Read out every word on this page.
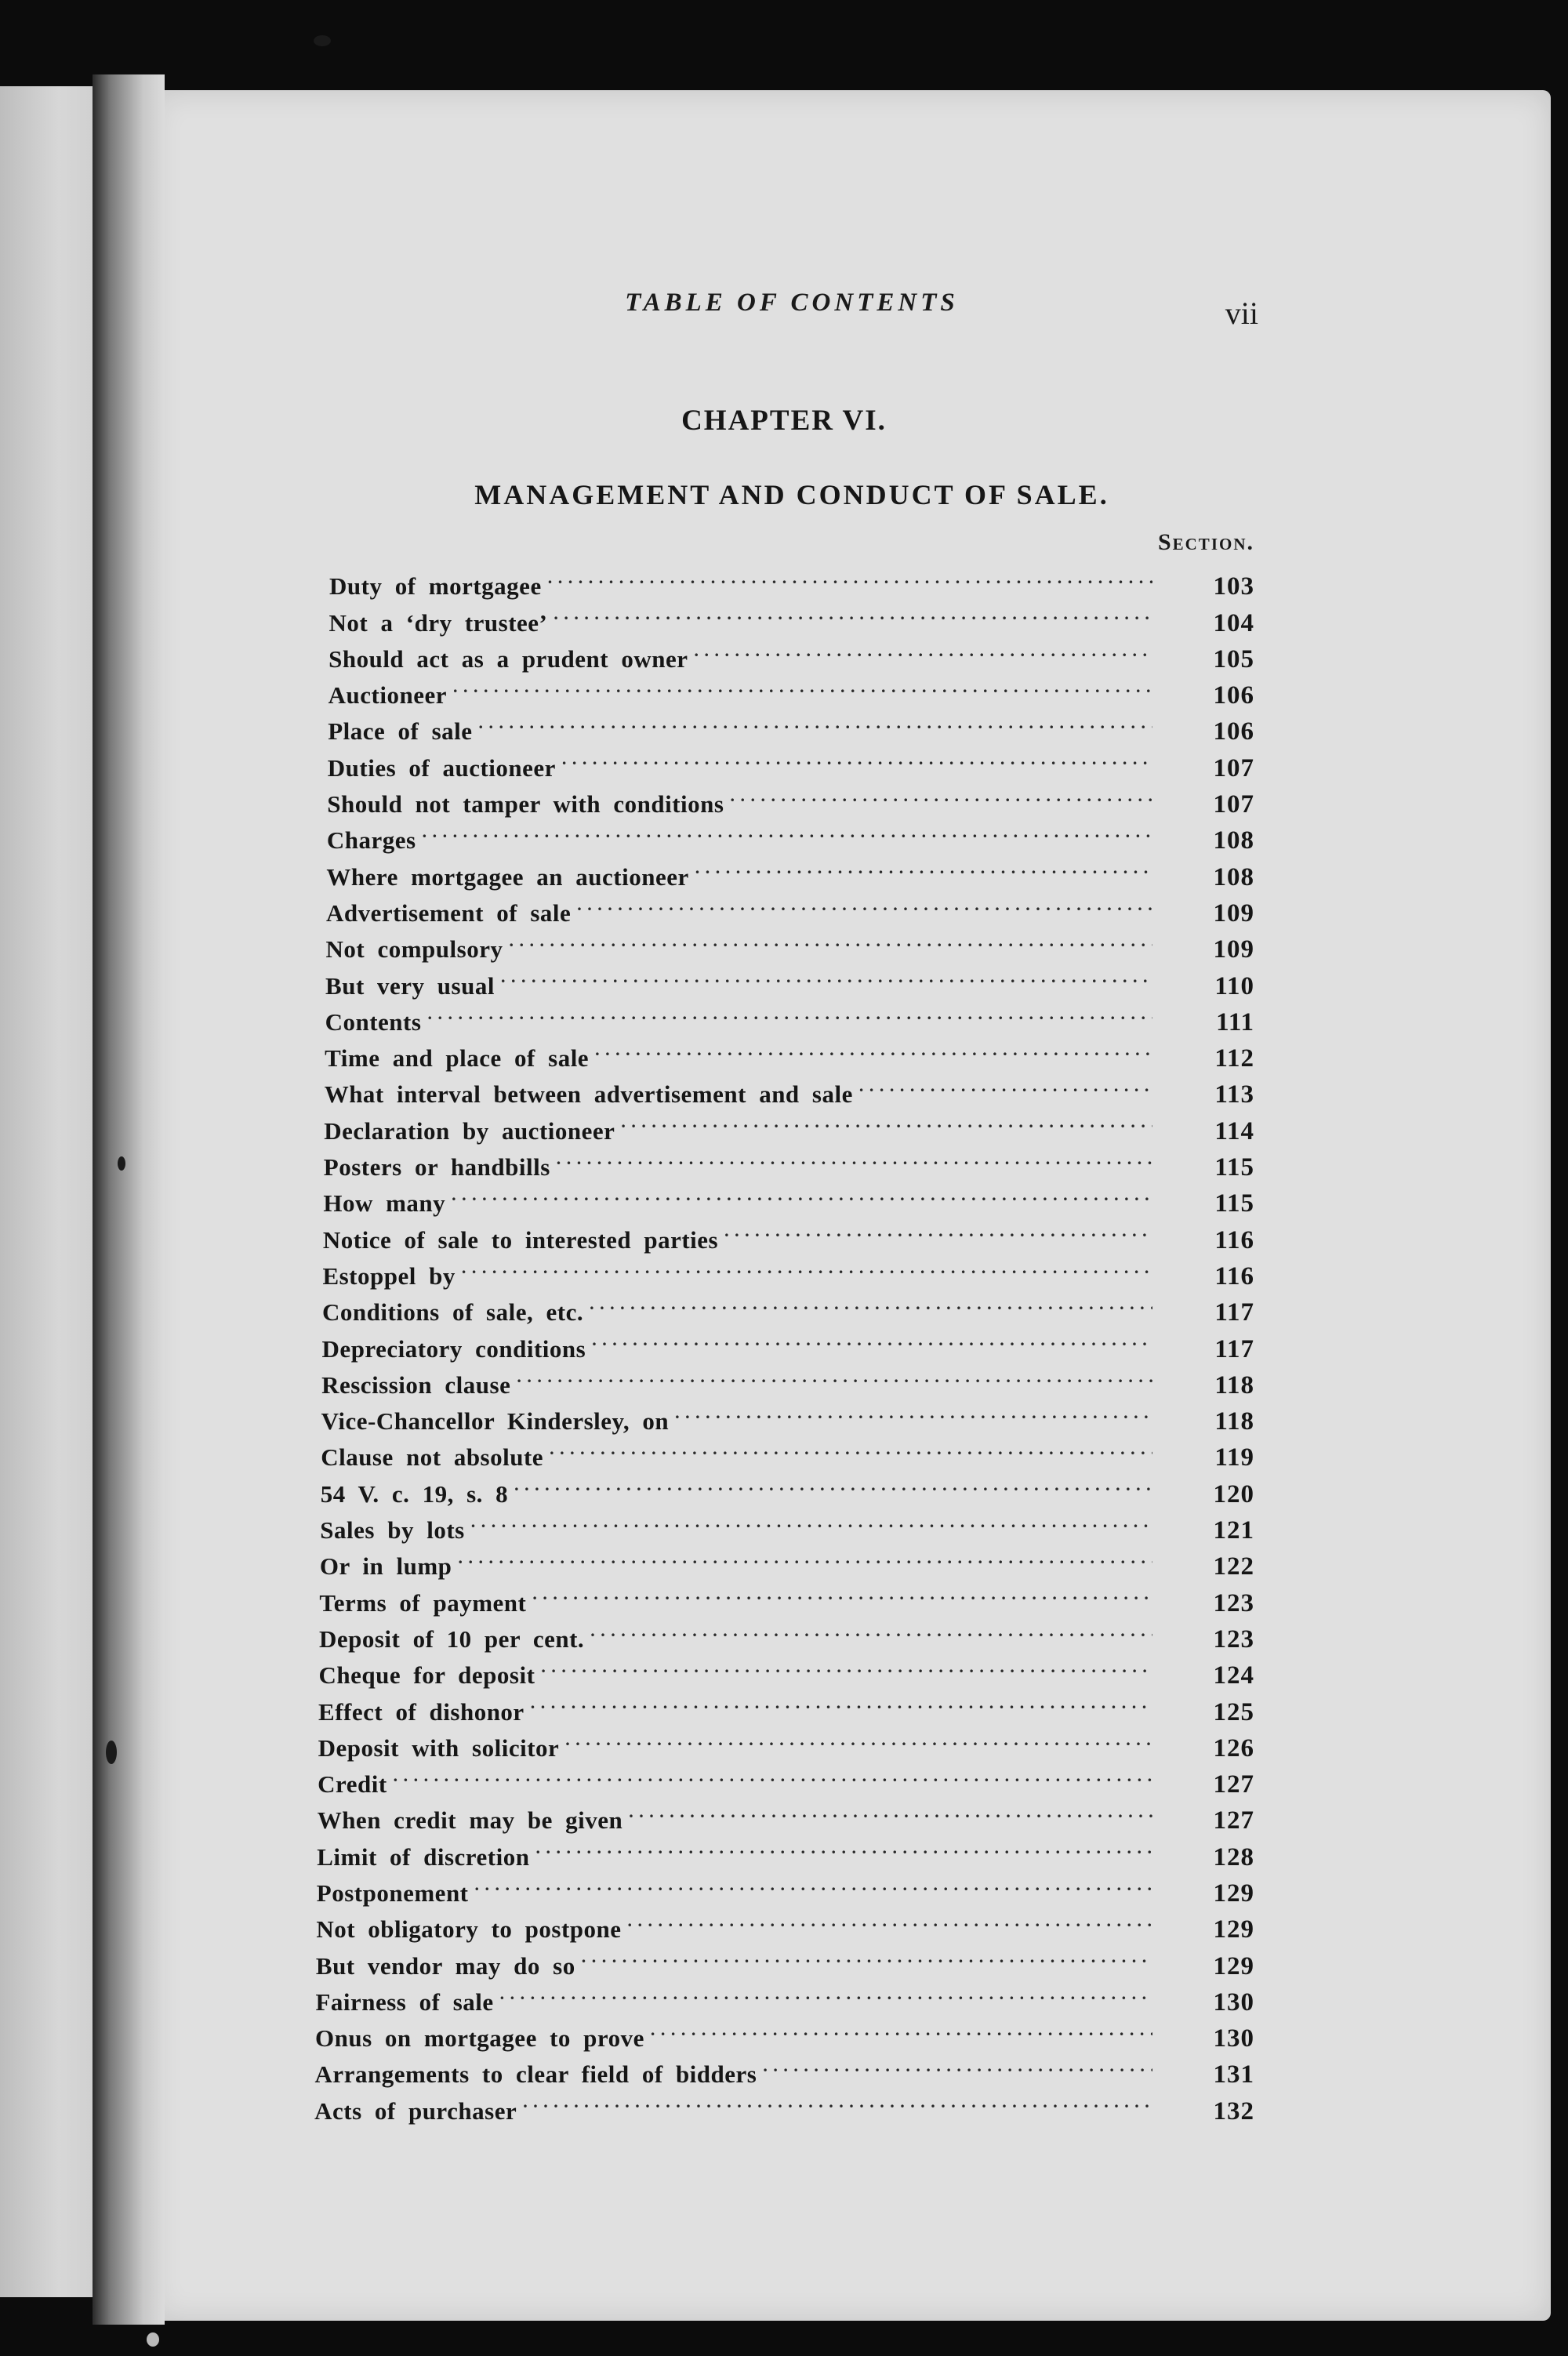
TABLE OF CONTENTS	vii
CHAPTER VI.
MANAGEMENT AND CONDUCT OF SALE.
Section.
Duty of mortgagee . . .	103
Not a ‘dry trustee’ . . .	104
Should act as a prudent owner . . .	105
Auctioneer . . .	106
Place of sale . . .	106
Duties of auctioneer . . .	107
Should not tamper with conditions . . .	107
Charges . . .	108
Where mortgagee an auctioneer . . .	108
Advertisement of sale . . .	109
Not compulsory . . .	109
But very usual . . .	110
Contents . . .	111
Time and place of sale . . .	112
What interval between advertisement and sale . . .	113
Declaration by auctioneer . . .	114
Posters or handbills . . .	115
How many . . .	115
Notice of sale to interested parties . . .	116
Estoppel by . . .	116
Conditions of sale, etc. . . .	117
Depreciatory conditions . . .	117
Rescission clause . . .	118
Vice-Chancellor Kindersley, on . . .	118
Clause not absolute . . .	119
54 V. c. 19, s. 8 . . .	120
Sales by lots . . .	121
Or in lump . . .	122
Terms of payment . . .	123
Deposit of 10 per cent. . . .	123
Cheque for deposit . . .	124
Effect of dishonor . . .	125
Deposit with solicitor . . .	126
Credit . . .	127
When credit may be given . . .	127
Limit of discretion . . .	128
Postponement . . .	129
Not obligatory to postpone . . .	129
But vendor may do so . . .	129
Fairness of sale . . .	130
Onus on mortgagee to prove . . .	130
Arrangements to clear field of bidders . . .	131
Acts of purchaser . . .	132
